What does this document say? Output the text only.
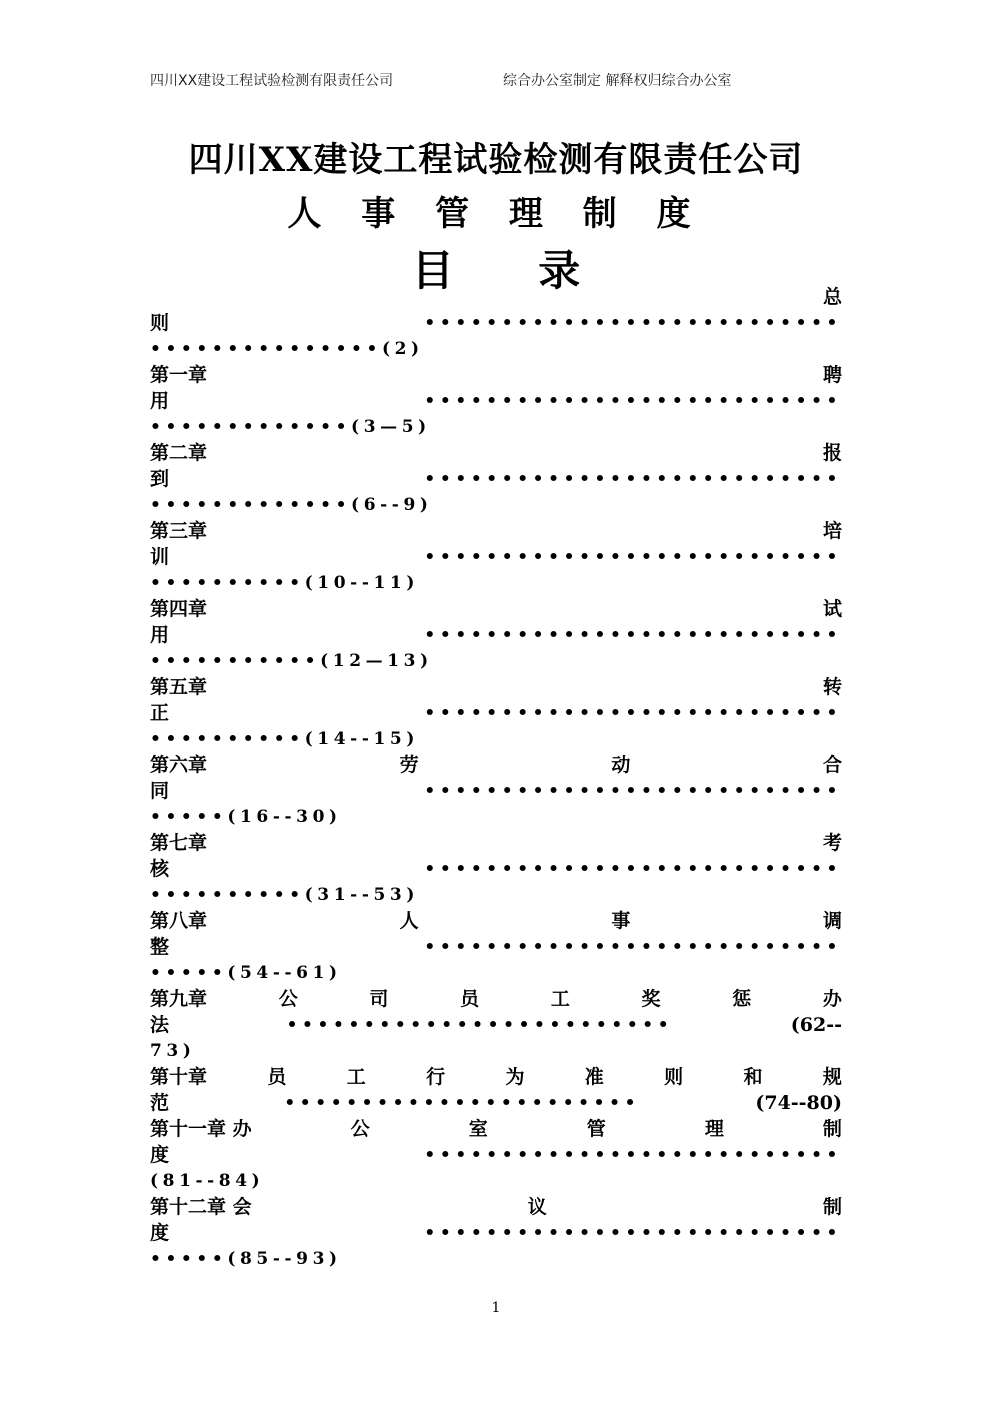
四川XX建设工程试验检测有限责任公司	综合办公室制定 解释权归综合办公室
四川XX建设工程试验检测有限责任公司
人 事 管 理 制 度
目 录
总
则	•••••••••••••••••••••••••••
•••••••••••••••(2)
第一章	聘
用	•••••••••••••••••••••••••••
•••••••••••••(3—5)
第二章	报
到	•••••••••••••••••••••••••••
•••••••••••••(6--9)
第三章	培
训	•••••••••••••••••••••••••••
••••••••••(10--11)
第四章	试
用	•••••••••••••••••••••••••••
•••••••••••(12—13)
第五章	转
正	•••••••••••••••••••••••••••
••••••••••(14--15)
第六章	劳	动	合
同	•••••••••••••••••••••••••••
•••••(16--30)
第七章	考
核	•••••••••••••••••••••••••••
••••••••••(31--53)
第八章	人	事	调
整	•••••••••••••••••••••••••••
•••••(54--61)
第九章	公	司	员	工	奖	惩	办
法	•••••••••••••••••••••••••	(62--
73)
第十章	员	工	行	为	准	则	和	规
范	•••••••••••••••••••••••	(74--80)
第十一章 办	公	室	管	理	制
度	•••••••••••••••••••••••••••
(81--84)
第十二章 会	议	制
度	•••••••••••••••••••••••••••
•••••(85--93)
1
